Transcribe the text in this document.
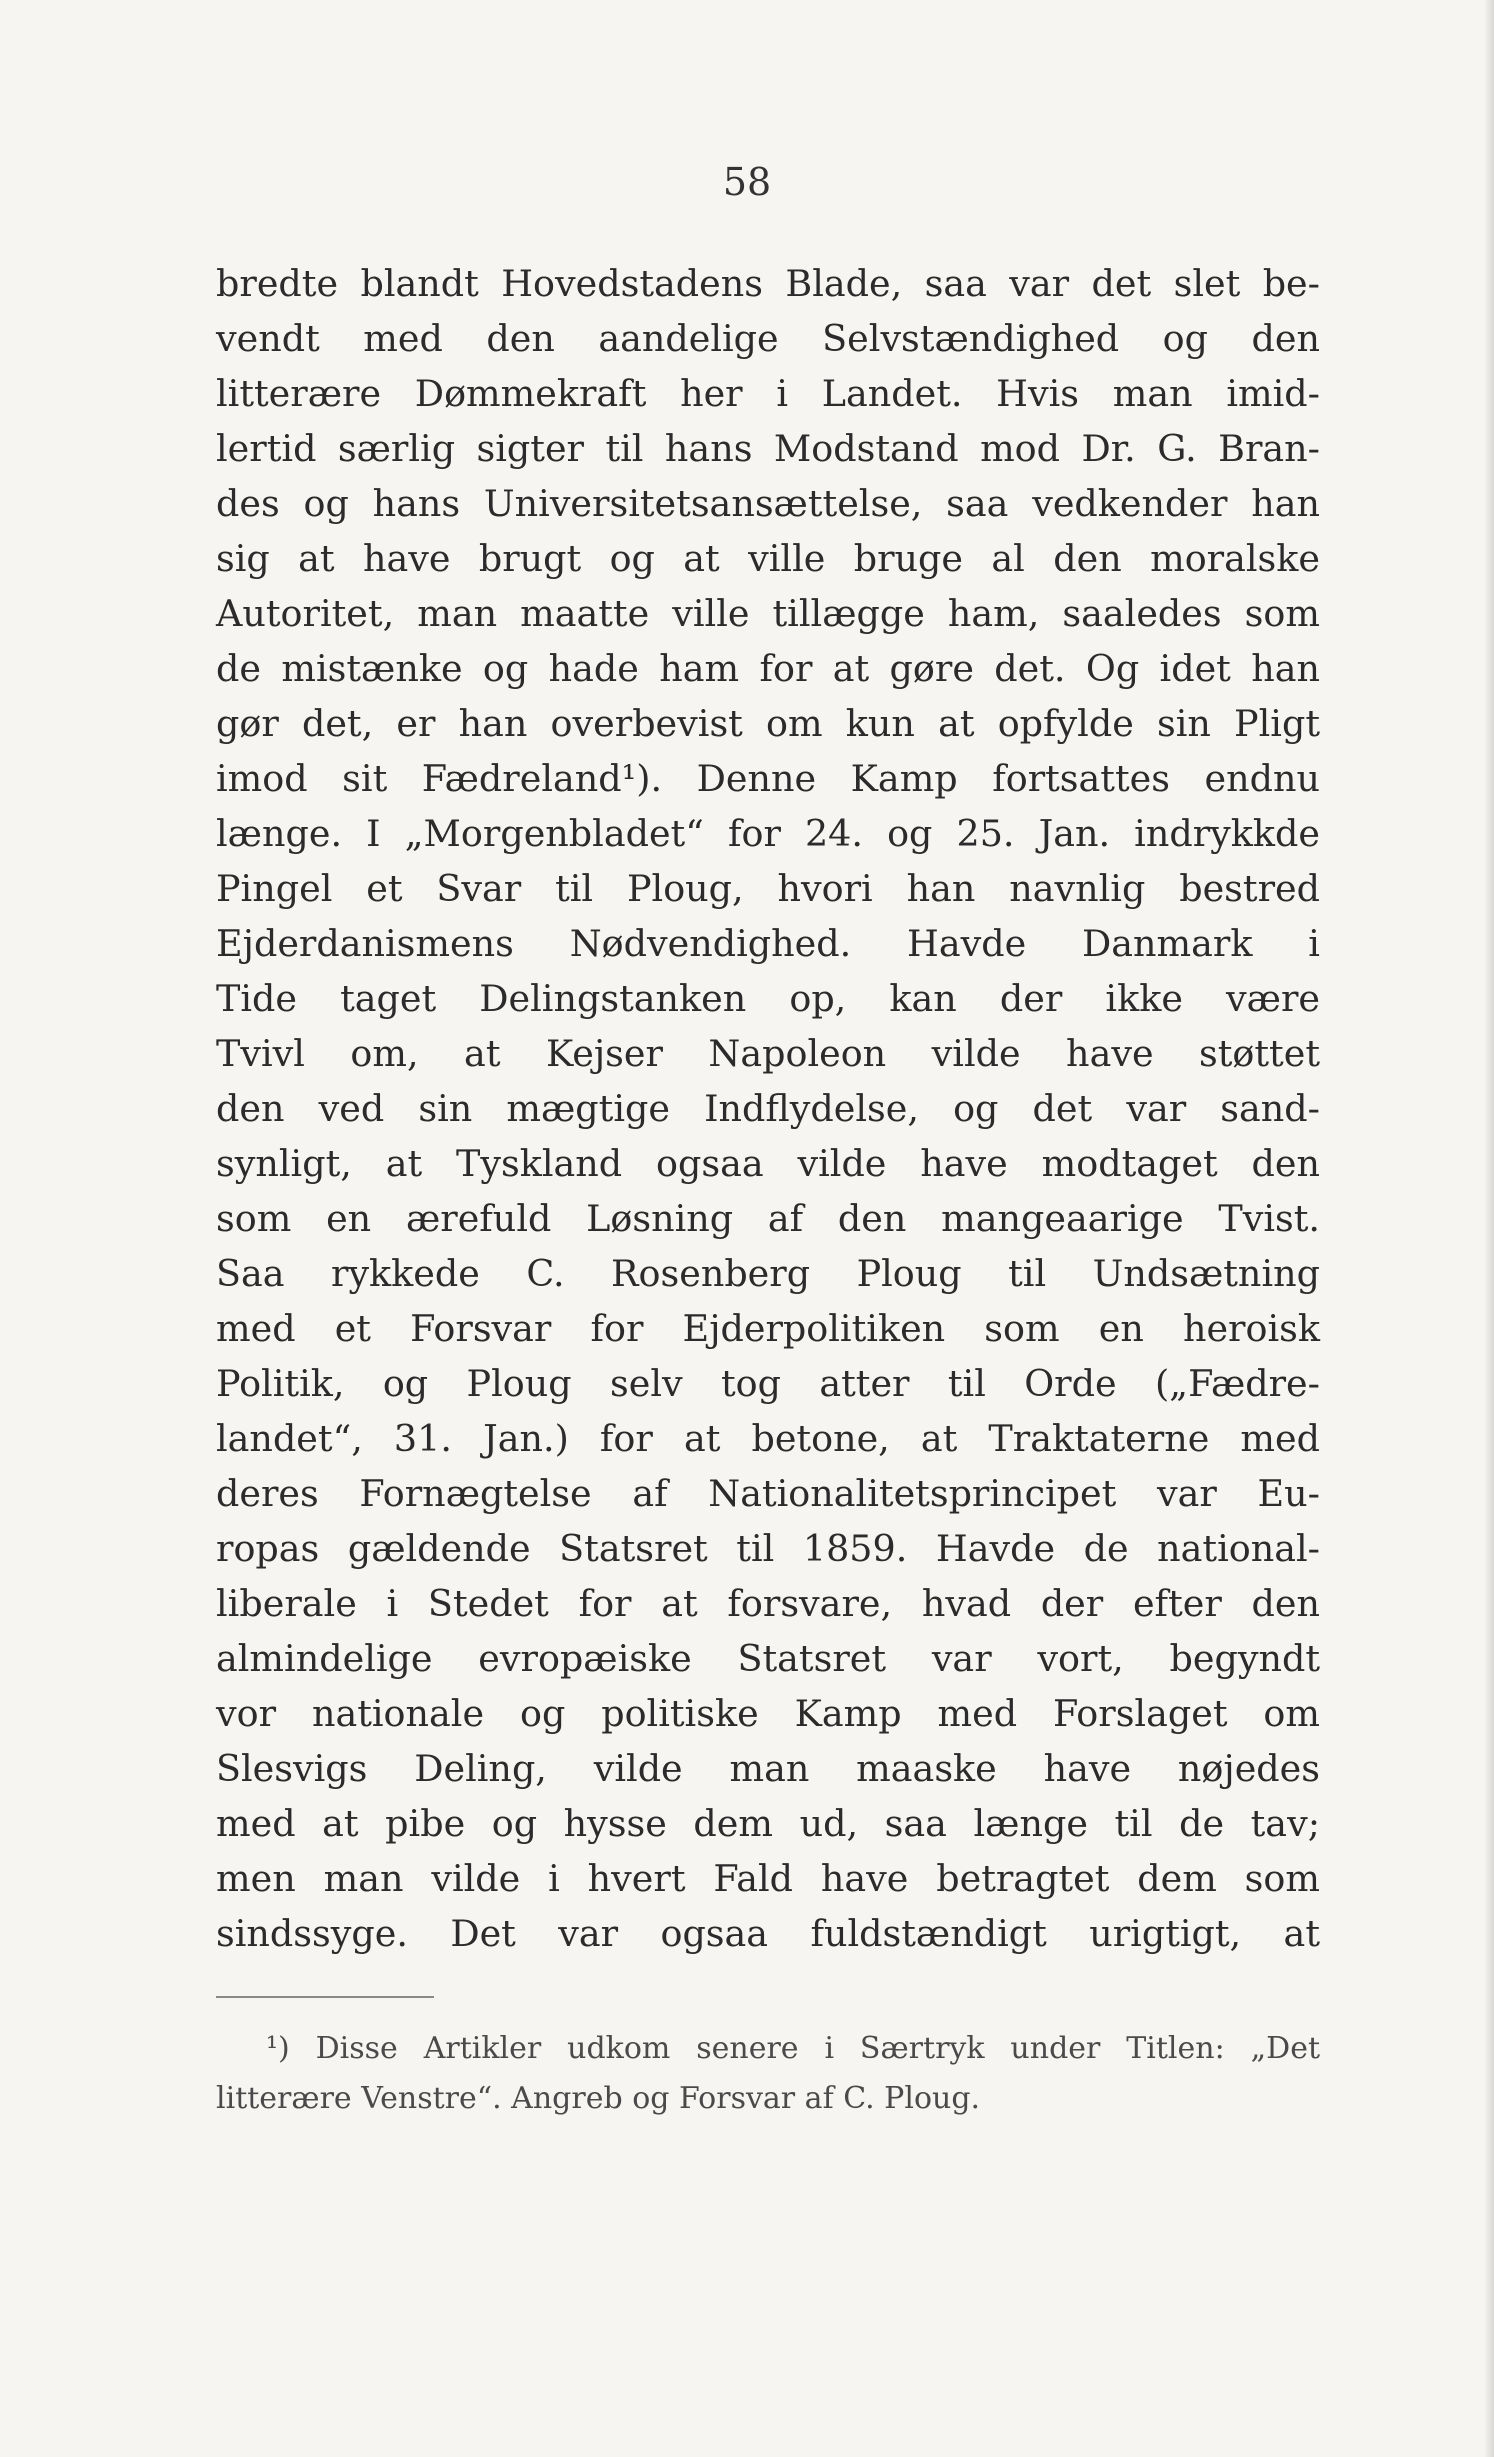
58
bredte blandt Hovedstadens Blade, saa var det slet be-
vendt med den aandelige Selvstændighed og den
litterære Dømmekraft her i Landet. Hvis man imid-
lertid særlig sigter til hans Modstand mod Dr. G. Bran-
des og hans Universitetsansættelse, saa vedkender han
sig at have brugt og at ville bruge al den moralske
Autoritet, man maatte ville tillægge ham, saaledes som
de mistænke og hade ham for at gøre det. Og idet han
gør det, er han overbevist om kun at opfylde sin Pligt
imod sit Fædreland¹). Denne Kamp fortsattes endnu
længe. I „Morgenbladet“ for 24. og 25. Jan. indrykkde
Pingel et Svar til Ploug, hvori han navnlig bestred
Ejderdanismens Nødvendighed. Havde Danmark i
Tide taget Delingstanken op, kan der ikke være
Tvivl om, at Kejser Napoleon vilde have støttet
den ved sin mægtige Indflydelse, og det var sand-
synligt, at Tyskland ogsaa vilde have modtaget den
som en ærefuld Løsning af den mangeaarige Tvist.
Saa rykkede C. Rosenberg Ploug til Undsætning
med et Forsvar for Ejderpolitiken som en heroisk
Politik, og Ploug selv tog atter til Orde („Fædre-
landet“, 31. Jan.) for at betone, at Traktaterne med
deres Fornægtelse af Nationalitetsprincipet var Eu-
ropas gældende Statsret til 1859. Havde de national-
liberale i Stedet for at forsvare, hvad der efter den
almindelige evropæiske Statsret var vort, begyndt
vor nationale og politiske Kamp med Forslaget om
Slesvigs Deling, vilde man maaske have nøjedes
med at pibe og hysse dem ud, saa længe til de tav;
men man vilde i hvert Fald have betragtet dem som
sindssyge. Det var ogsaa fuldstændigt urigtigt, at
¹) Disse Artikler udkom senere i Særtryk under Titlen: „Det
litterære Venstre“. Angreb og Forsvar af C. Ploug.
